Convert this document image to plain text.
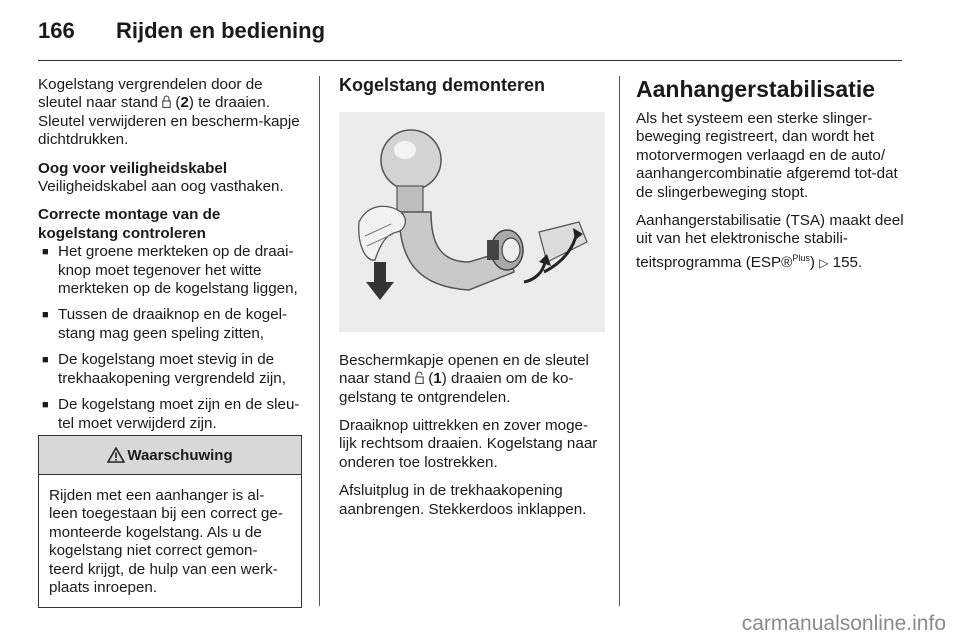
166	Rijden en bediening

Kogelstang vergrendelen door de sleutel naar stand  (2) te draaien. Sleutel verwijderen en bescherm-kapje dichtdrukken.

Oog voor veiligheidskabel

Veiligheidskabel aan oog vasthaken.

Correcte montage van de kogelstang controleren

■ Het groene merkteken op de draai-knop moet tegenover het witte merkteken op de kogelstang liggen,
■ Tussen de draaiknop en de kogel-stang mag geen speling zitten,
■ De kogelstang moet stevig in de trekhaakopening vergrendeld zijn,
■ De kogelstang moet zijn en de sleu-tel moet verwijderd zijn.
Waarschuwing
Rijden met een aanhanger is al-leen toegestaan bij een correct ge-monteerde kogelstang. Als u de kogelstang niet correct gemon-teerd krijgt, de hulp van een werk-plaats inroepen.

Kogelstang demonteren

Beschermkapje openen en de sleutel naar stand  (1) draaien om de ko-gelstang te ontgrendelen.

Draaiknop uittrekken en zover moge-lijk rechtsom draaien. Kogelstang naar onderen toe lostrekken.

Afsluitplug in de trekhaakopening aanbrengen. Stekkerdoos inklappen.

Aanhangerstabilisatie

Als het systeem een sterke slinger-beweging registreert, dan wordt het motorvermogen verlaagd en de auto/ aanhangercombinatie afgeremd tot-dat de slingerbeweging stopt.

Aanhangerstabilisatie (TSA) maakt deel uit van het elektronische stabili-teitsprogramma (ESP®$^{Plus}$) ▷ 155.

carmanualsonline.info
